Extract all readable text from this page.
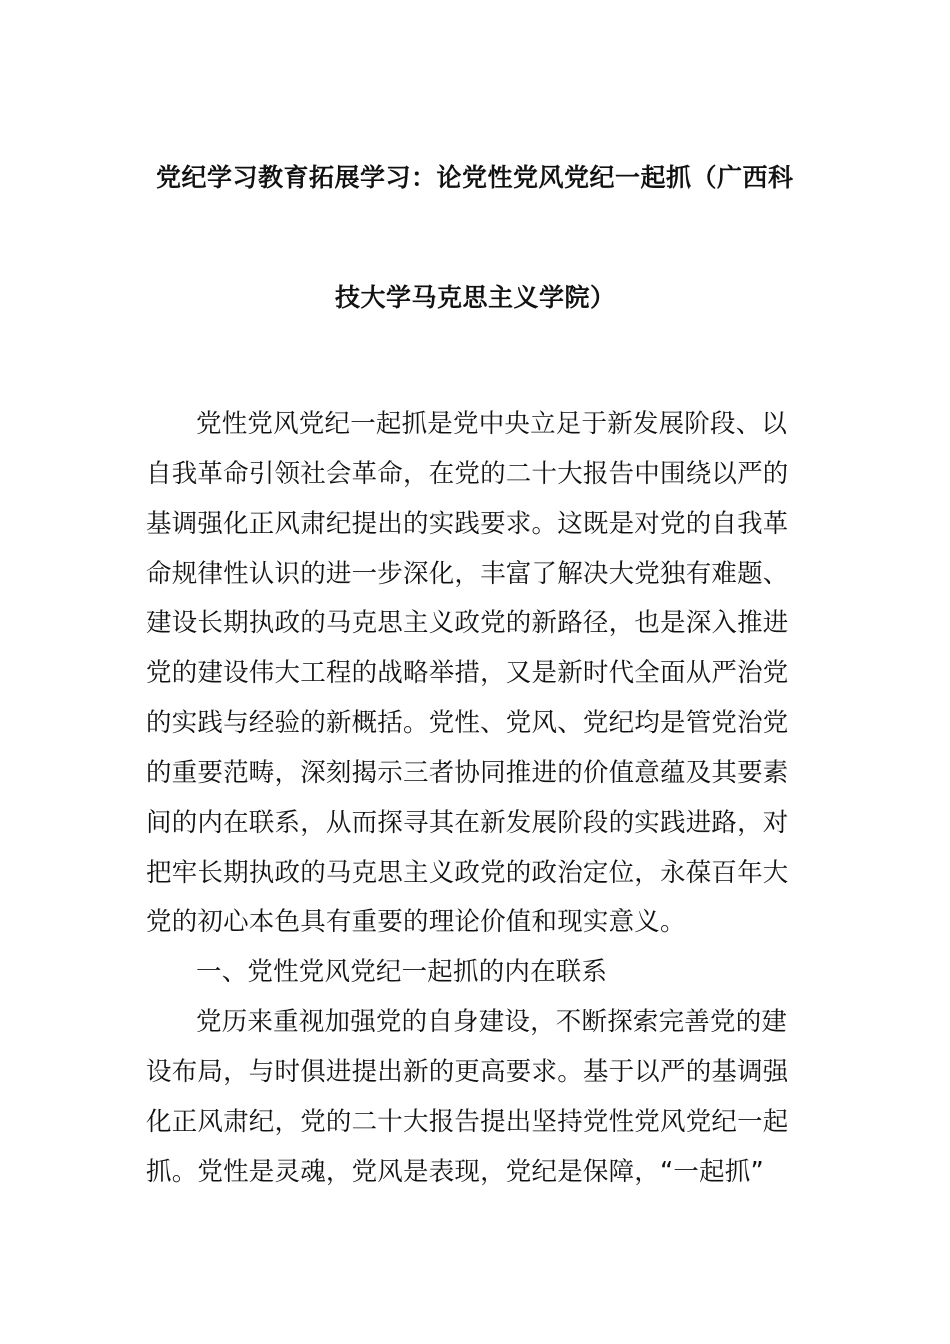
党纪学习教育拓展学习：论党性党风党纪一起抓（广西科
技大学马克思主义学院）
党性党风党纪一起抓是党中央立足于新发展阶段、以
自我革命引领社会革命，在党的二十大报告中围绕以严的
基调强化正风肃纪提出的实践要求。这既是对党的自我革
命规律性认识的进一步深化，丰富了解决大党独有难题、
建设长期执政的马克思主义政党的新路径，也是深入推进
党的建设伟大工程的战略举措，又是新时代全面从严治党
的实践与经验的新概括。党性、党风、党纪均是管党治党
的重要范畴，深刻揭示三者协同推进的价值意蕴及其要素
间的内在联系，从而探寻其在新发展阶段的实践进路，对
把牢长期执政的马克思主义政党的政治定位，永葆百年大
党的初心本色具有重要的理论价值和现实意义。
一、党性党风党纪一起抓的内在联系
党历来重视加强党的自身建设，不断探索完善党的建
设布局，与时俱进提出新的更高要求。基于以严的基调强
化正风肃纪，党的二十大报告提出坚持党性党风党纪一起
抓。党性是灵魂，党风是表现，党纪是保障，“一起抓”
